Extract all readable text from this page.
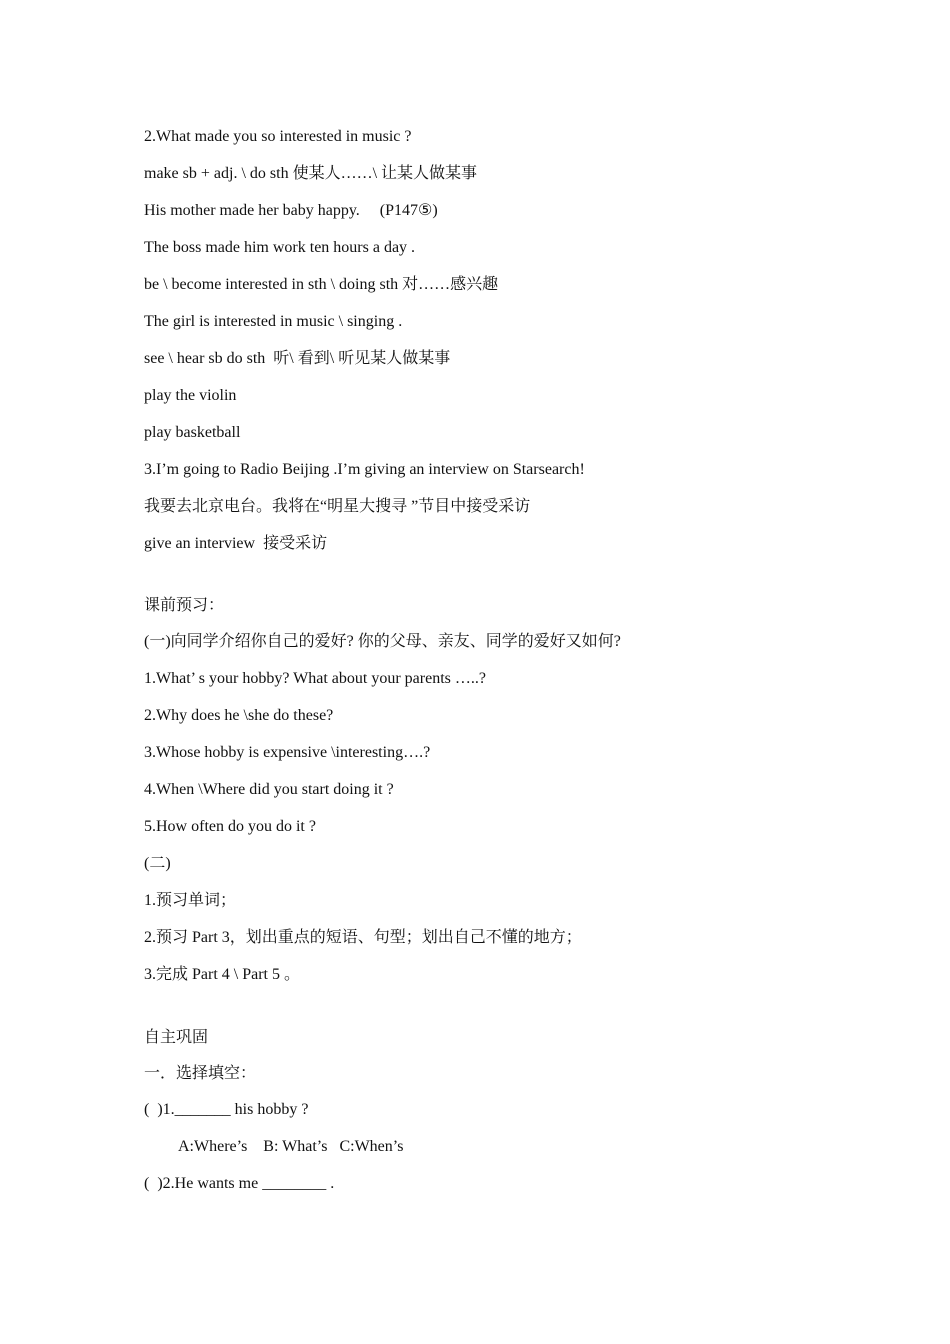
2.What made you so interested in music ?
make sb + adj. \ do sth 使某人……\ 让某人做某事
His mother made her baby happy.     (P147⑤)
The boss made him work ten hours a day .
be \ become interested in sth \ doing sth 对……感兴趣
The girl is interested in music \ singing .
see \ hear sb do sth  听\ 看到\ 听见某人做某事
play the violin
play basketball
3.I’m going to Radio Beijing .I’m giving an interview on Starsearch!
我要去北京电台。我将在“明星大搜寻 ”节目中接受采访
give an interview  接受采访
课前预习：
(一)向同学介绍你自己的爱好? 你的父母、亲友、同学的爱好又如何?
1.What’ s your hobby? What about your parents …..?
2.Why does he \she do these?
3.Whose hobby is expensive \interesting….?
4.When \Where did you start doing it ?
5.How often do you do it ?
(二)
1.预习单词；
2.预习 Part 3，划出重点的短语、句型；划出自己不懂的地方；
3.完成 Part 4 \ Part 5 。
自主巩固
一．选择填空：
(  )1._______ his hobby ?
A:Where’s    B: What’s   C:When’s
(  )2.He wants me ________ .
